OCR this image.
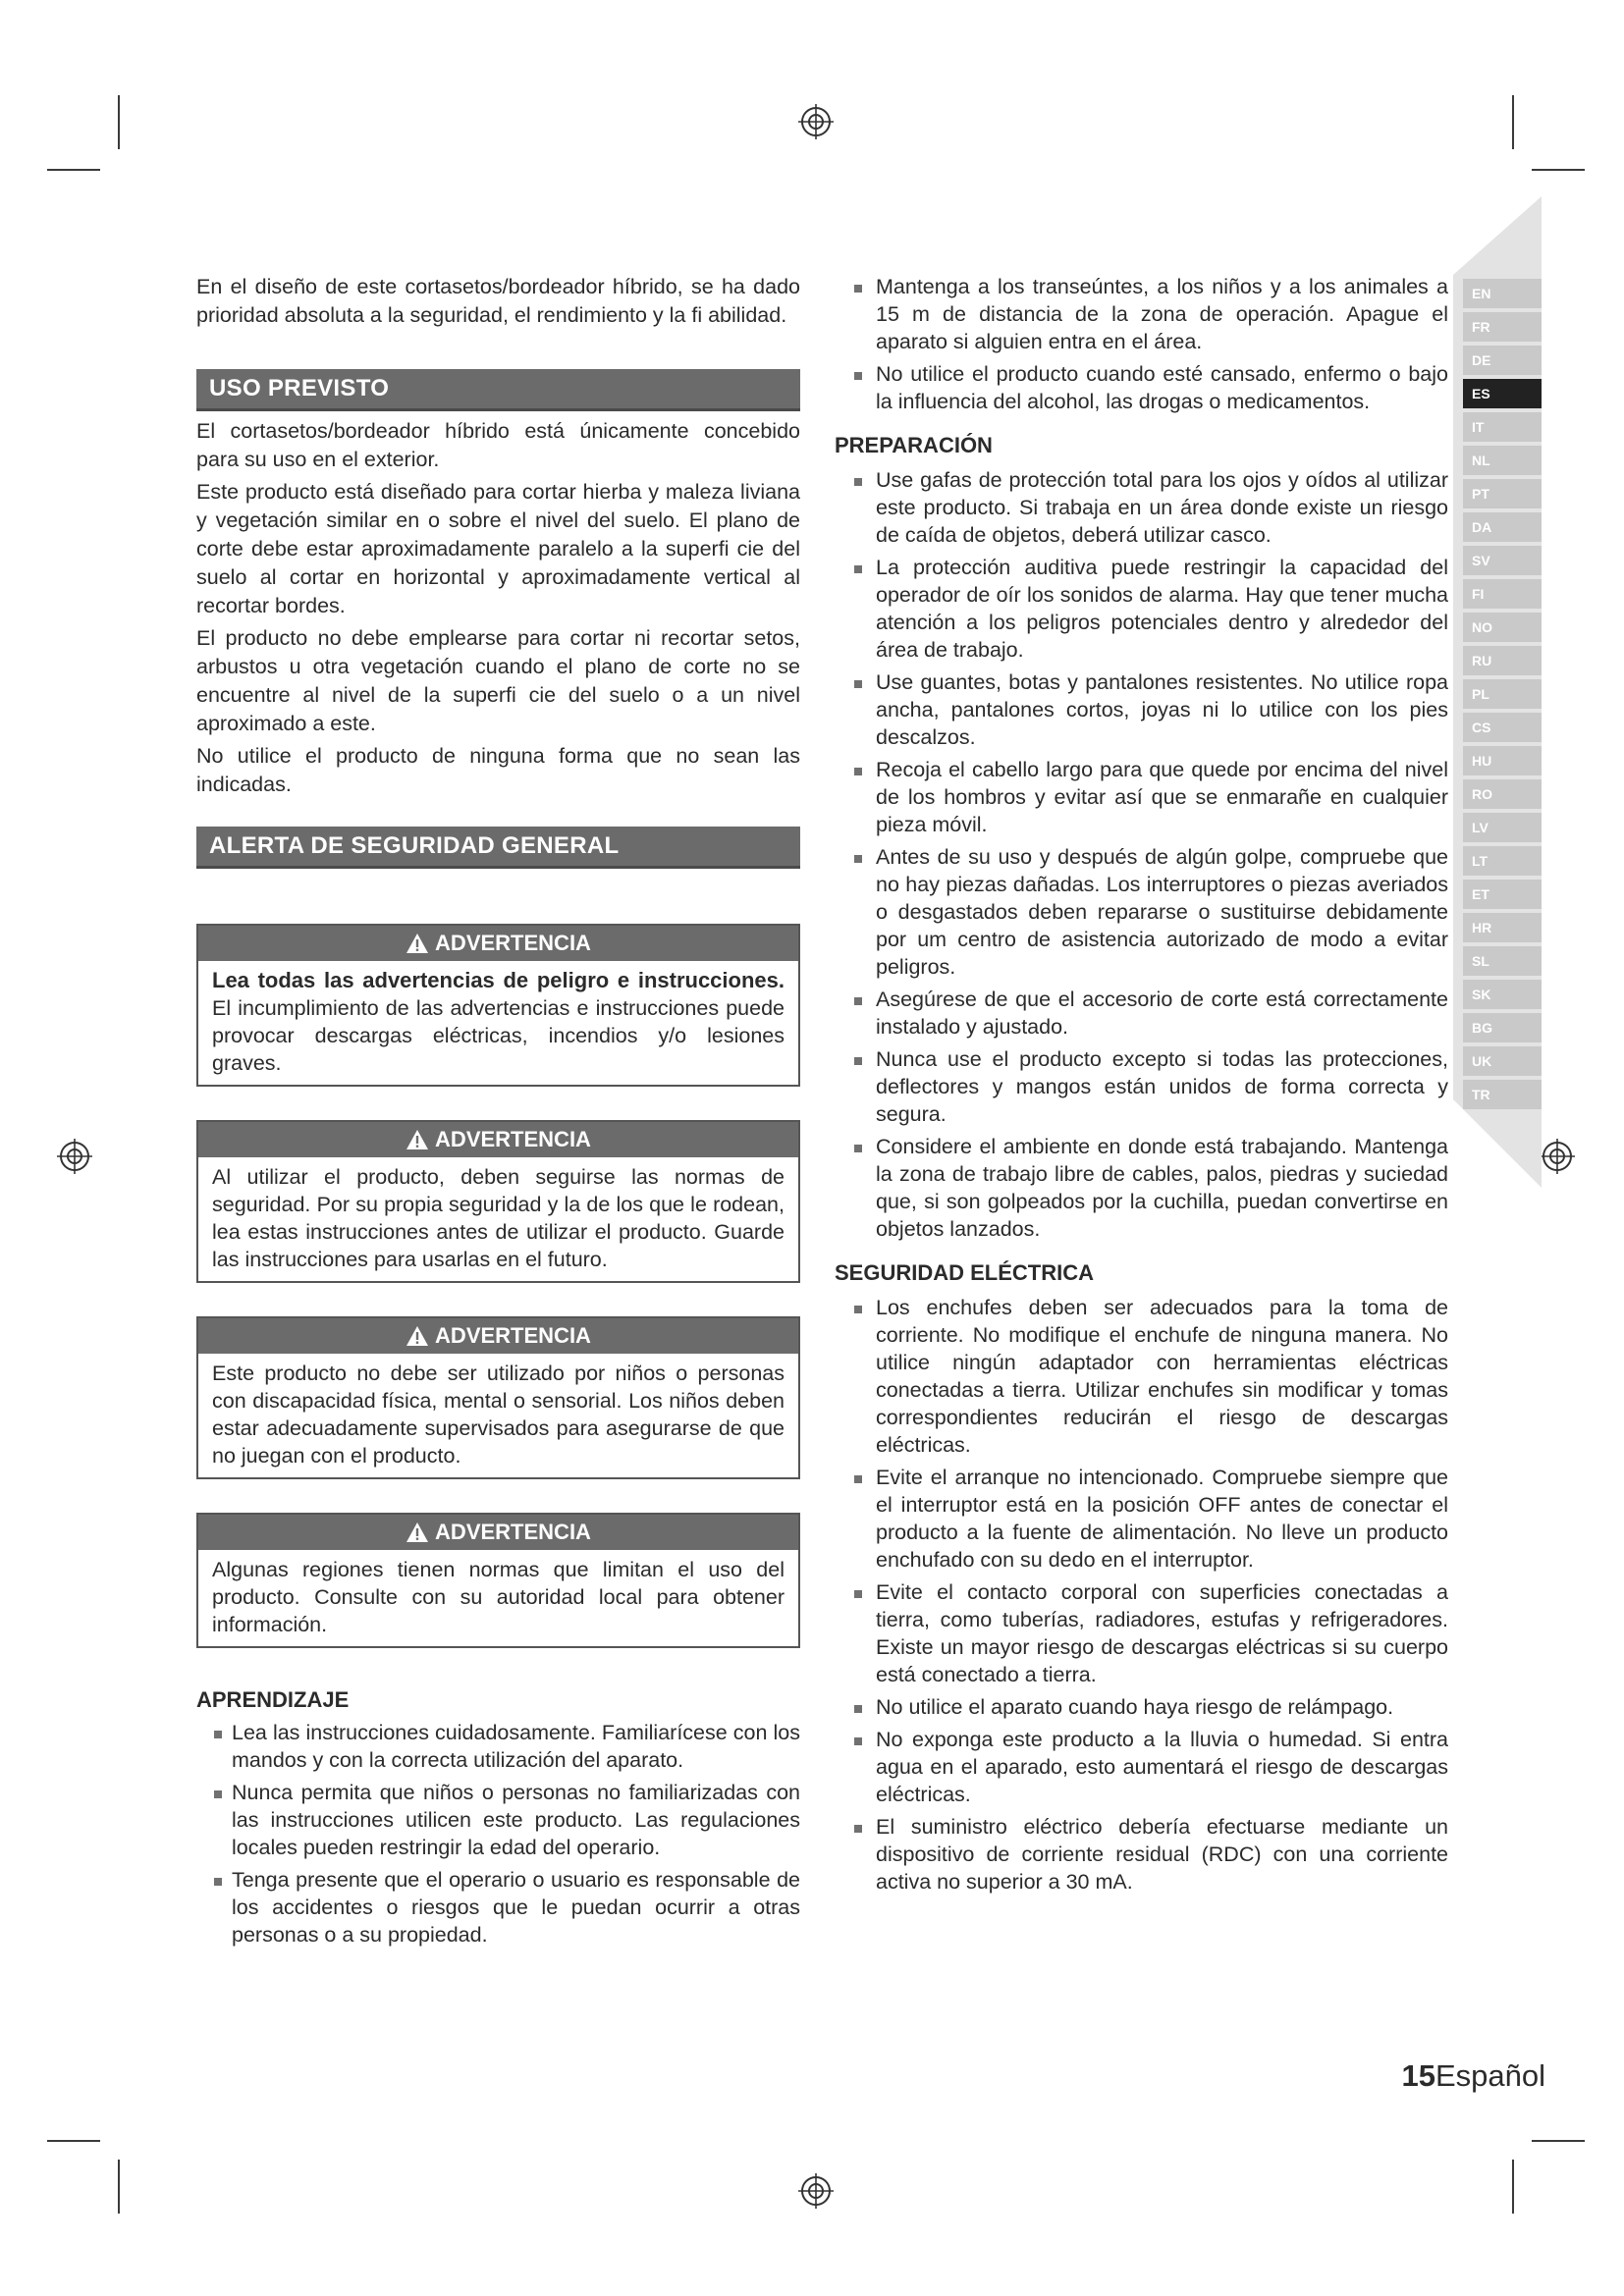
En el diseño de este cortasetos/bordeador híbrido, se ha dado prioridad absoluta a la seguridad, el rendimiento y la fi abilidad.

USO PREVISTO

El cortasetos/bordeador híbrido está únicamente concebido para su uso en el exterior.

Este producto está diseñado para cortar hierba y maleza liviana y vegetación similar en o sobre el nivel del suelo. El plano de corte debe estar aproximadamente paralelo a la superfi cie del suelo al cortar en horizontal y aproximadamente vertical al recortar bordes.

El producto no debe emplearse para cortar ni recortar setos, arbustos u otra vegetación cuando el plano de corte no se encuentre al nivel de la superfi cie del suelo o a un nivel aproximado a este.

No utilice el producto de ninguna forma que no sean las indicadas.

ALERTA DE SEGURIDAD GENERAL
ADVERTENCIA

Lea todas las advertencias de peligro e instrucciones. El incumplimiento de las advertencias e instrucciones puede provocar descargas eléctricas, incendios y/o lesiones graves.

ADVERTENCIA

Al utilizar el producto, deben seguirse las normas de seguridad. Por su propia seguridad y la de los que le rodean, lea estas instrucciones antes de utilizar el producto. Guarde las instrucciones para usarlas en el futuro.

ADVERTENCIA

Este producto no debe ser utilizado por niños o personas con discapacidad física, mental o sensorial. Los niños deben estar adecuadamente supervisados para asegurarse de que no juegan con el producto.

ADVERTENCIA

Algunas regiones tienen normas que limitan el uso del producto. Consulte con su autoridad local para obtener información.

APRENDIZAJE
Lea las instrucciones cuidadosamente. Familiarícese con los mandos y con la correcta utilización del aparato.
Nunca permita que niños o personas no familiarizadas con las instrucciones utilicen este producto. Las regulaciones locales pueden restringir la edad del operario.
Tenga presente que el operario o usuario es responsable de los accidentes o riesgos que le puedan ocurrir a otras personas o a su propiedad.
Mantenga a los transeúntes, a los niños y a los animales a 15 m de distancia de la zona de operación. Apague el aparato si alguien entra en el área.
No utilice el producto cuando esté cansado, enfermo o bajo la influencia del alcohol, las drogas o medicamentos.
PREPARACIÓN
Use gafas de protección total para los ojos y oídos al utilizar este producto. Si trabaja en un área donde existe un riesgo de caída de objetos, deberá utilizar casco.
La protección auditiva puede restringir la capacidad del operador de oír los sonidos de alarma. Hay que tener mucha atención a los peligros potenciales dentro y alrededor del área de trabajo.
Use guantes, botas y pantalones resistentes. No utilice ropa ancha, pantalones cortos, joyas ni lo utilice con los pies descalzos.
Recoja el cabello largo para que quede por encima del nivel de los hombros y evitar así que se enmarañe en cualquier pieza móvil.
Antes de su uso y después de algún golpe, compruebe que no hay piezas dañadas. Los interruptores o piezas averiados o desgastados deben repararse o sustituirse debidamente por um centro de asistencia autorizado de modo a evitar peligros.
Asegúrese de que el accesorio de corte está correctamente instalado y ajustado.
Nunca use el producto excepto si todas las protecciones, deflectores y mangos están unidos de forma correcta y segura.
Considere el ambiente en donde está trabajando. Mantenga la zona de trabajo libre de cables, palos, piedras y suciedad que, si son golpeados por la cuchilla, puedan convertirse en objetos lanzados.
SEGURIDAD ELÉCTRICA
Los enchufes deben ser adecuados para la toma de corriente. No modifique el enchufe de ninguna manera. No utilice ningún adaptador con herramientas eléctricas conectadas a tierra. Utilizar enchufes sin modificar y tomas correspondientes reducirán el riesgo de descargas eléctricas.
Evite el arranque no intencionado. Compruebe siempre que el interruptor está en la posición OFF antes de conectar el producto a la fuente de alimentación. No lleve un producto enchufado con su dedo en el interruptor.
Evite el contacto corporal con superficies conectadas a tierra, como tuberías, radiadores, estufas y refrigeradores. Existe un mayor riesgo de descargas eléctricas si su cuerpo está conectado a tierra.
No utilice el aparato cuando haya riesgo de relámpago.
No exponga este producto a la lluvia o humedad. Si entra agua en el aparado, esto aumentará el riesgo de descargas eléctricas.
El suministro eléctrico debería efectuarse mediante un dispositivo de corriente residual (RDC) con una corriente activa no superior a 30 mA.
EN
FR
DE
ES
IT
NL
PT
DA
SV
FI
NO
RU
PL
CS
HU
RO
LV
LT
ET
HR
SL
SK
BG
UK
TR
15Español
